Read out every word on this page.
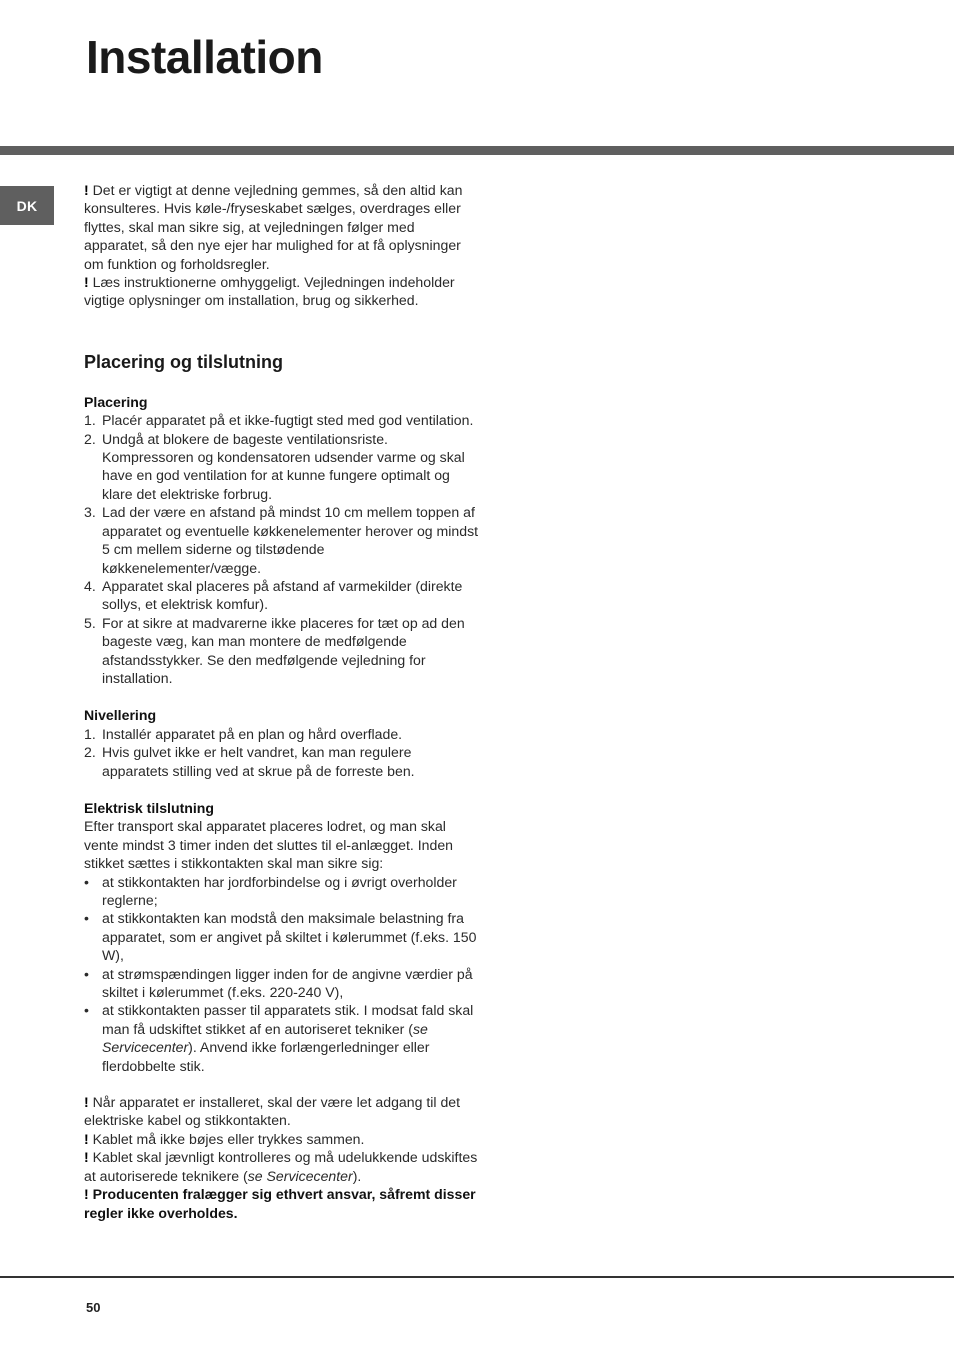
Installation
DK

! Det er vigtigt at denne vejledning gemmes, så den altid kan konsulteres. Hvis køle-/fryseskabet sælges, overdrages eller flyttes, skal man sikre sig, at vejledningen følger med apparatet, så den nye ejer har mulighed for at få oplysninger om funktion og forholdsregler.

! Læs instruktionerne omhyggeligt. Vejledningen indeholder vigtige oplysninger om installation, brug og sikkerhed.

Placering og tilslutning
Placering
1. Placér apparatet på et ikke-fugtigt sted med god ventilation.
2. Undgå at blokere de bageste ventilationsriste. Kompressoren og kondensatoren udsender varme og skal have en god ventilation for at kunne fungere optimalt og klare det elektriske forbrug.
3. Lad der være en afstand på mindst 10 cm mellem toppen af apparatet og eventuelle køkkenelementer herover og mindst 5 cm mellem siderne og tilstødende køkkenelementer/vægge.
4. Apparatet skal placeres på afstand af varmekilder (direkte sollys, et elektrisk komfur).
5. For at sikre at madvarerne ikke placeres for tæt op ad den bageste væg, kan man montere de medfølgende afstandsstykker. Se den medfølgende vejledning for installation.
Nivellering
1. Installér apparatet på en plan og hård overflade.
2. Hvis gulvet ikke er helt vandret, kan man regulere apparatets stilling ved at skrue på de forreste ben.
Elektrisk tilslutning

Efter transport skal apparatet placeres lodret, og man skal vente mindst 3 timer inden det sluttes til el-anlægget. Inden stikket sættes i stikkontakten skal man sikre sig:

• at stikkontakten har jordforbindelse og i øvrigt overholder reglerne;
• at stikkontakten kan modstå den maksimale belastning fra apparatet, som er angivet på skiltet i kølerummet (f.eks. 150 W),
• at strømspændingen ligger inden for de angivne værdier på skiltet i kølerummet (f.eks. 220-240 V),
• at stikkontakten passer til apparatets stik. I modsat fald skal man få udskiftet stikket af en autoriseret tekniker (se Servicecenter). Anvend ikke forlængerledninger eller flerdobbelte stik.

! Når apparatet er installeret, skal der være let adgang til det elektriske kabel og stikkontakten.

! Kablet må ikke bøjes eller trykkes sammen.

! Kablet skal jævnligt kontrolleres og må udelukkende udskiftes at autoriserede teknikere (se Servicecenter).

! Producenten fralægger sig ethvert ansvar, såfremt disser regler ikke overholdes.

50
